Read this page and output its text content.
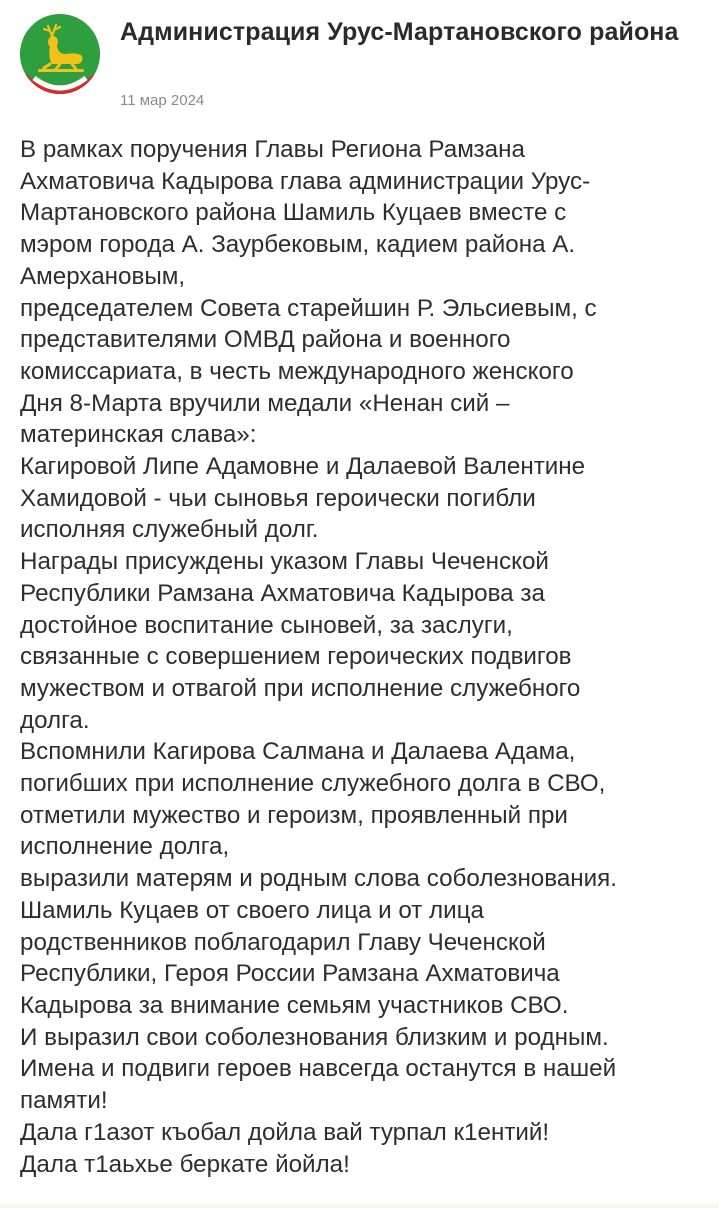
Администрация Урус-Мартановского района
11 мар 2024
В рамках поручения Главы Региона Рамзана
Ахматовича Кадырова глава администрации Урус-
Мартановского района Шамиль Куцаев вместе с
мэром города А. Заурбековым, кадием района А.
Амерхановым,
председателем Совета старейшин Р. Эльсиевым, с
представителями ОМВД района и военного
комиссариата, в честь международного женского
Дня 8-Марта вручили медали «Ненан сий –
материнская слава»:
Кагировой Липе Адамовне и Далаевой Валентине
Хамидовой - чьи сыновья героически погибли
исполняя служебный долг.
Награды присуждены указом Главы Чеченской
Республики Рамзана Ахматовича Кадырова за
достойное воспитание сыновей, за заслуги,
связанные с совершением героических подвигов
мужеством и отвагой при исполнение служебного
долга.
Вспомнили Кагирова Салмана и Далаева Адама,
погибших при исполнение служебного долга в СВО,
отметили мужество и героизм, проявленный при
исполнение долга,
выразили матерям и родным слова соболезнования.
Шамиль Куцаев от своего лица и от лица
родственников поблагодарил Главу Чеченской
Республики, Героя России Рамзана Ахматовича
Кадырова за внимание семьям участников СВО.
И выразил свои соболезнования близким и родным.
Имена и подвиги героев навсегда останутся в нашей
памяти!
Дала г1азот къобал дойла вай турпал к1ентий!
Дала т1аьхье беркате йойла!
